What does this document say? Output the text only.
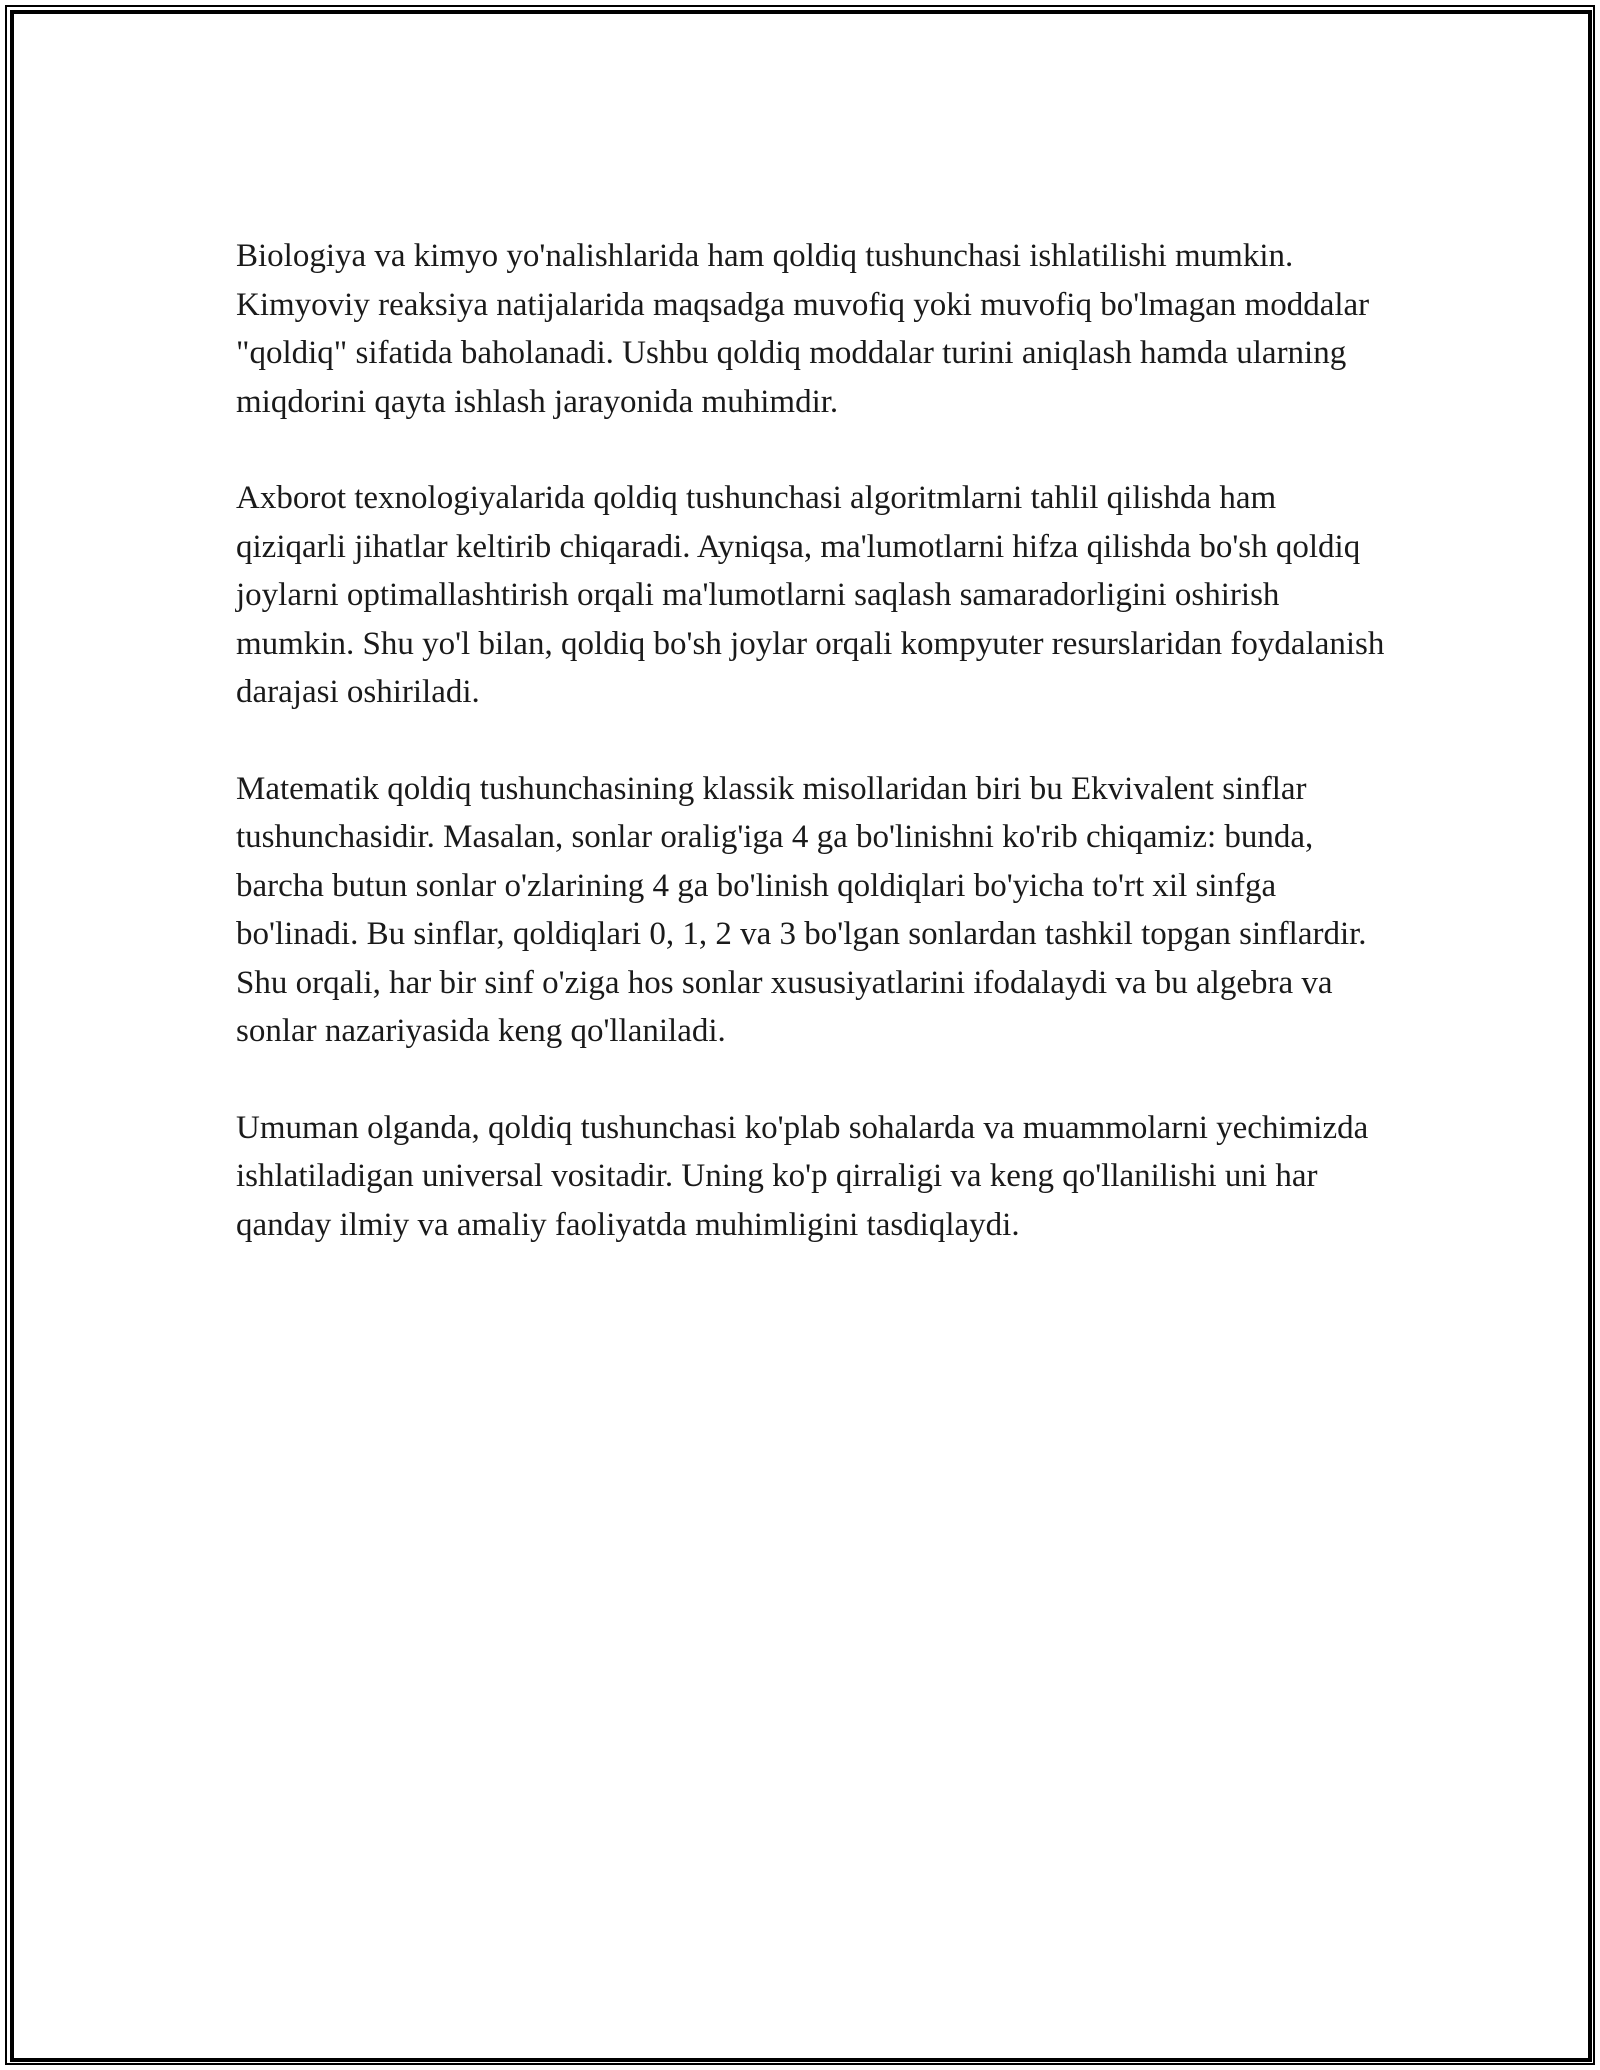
Biologiya va kimyo yo'nalishlarida ham qoldiq tushunchasi ishlatilishi mumkin. Kimyoviy reaksiya natijalarida maqsadga muvofiq yoki muvofiq bo'lmagan moddalar "qoldiq" sifatida baholanadi. Ushbu qoldiq moddalar turini aniqlash hamda ularning miqdorini qayta ishlash jarayonida muhimdir.

Axborot texnologiyalarida qoldiq tushunchasi algoritmlarni tahlil qilishda ham qiziqarli jihatlar keltirib chiqaradi. Ayniqsa, ma'lumotlarni hifza qilishda bo'sh qoldiq joylarni optimallashtirish orqali ma'lumotlarni saqlash samaradorligini oshirish mumkin. Shu yo'l bilan, qoldiq bo'sh joylar orqali kompyuter resurslaridan foydalanish darajasi oshiriladi.

Matematik qoldiq tushunchasining klassik misollaridan biri bu Ekvivalent sinflar tushunchasidir. Masalan, sonlar oralig'iga 4 ga bo'linishni ko'rib chiqamiz: bunda, barcha butun sonlar o'zlarining 4 ga bo'linish qoldiqlari bo'yicha to'rt xil sinfga bo'linadi. Bu sinflar, qoldiqlari 0, 1, 2 va 3 bo'lgan sonlardan tashkil topgan sinflardir. Shu orqali, har bir sinf o'ziga hos sonlar xususiyatlarini ifodalaydi va bu algebra va sonlar nazariyasida keng qo'llaniladi.

Umuman olganda, qoldiq tushunchasi ko'plab sohalarda va muammolarni yechimizda ishlatiladigan universal vositadir. Uning ko'p qirraligi va keng qo'llanilishi uni har qanday ilmiy va amaliy faoliyatda muhimligini tasdiqlaydi.
